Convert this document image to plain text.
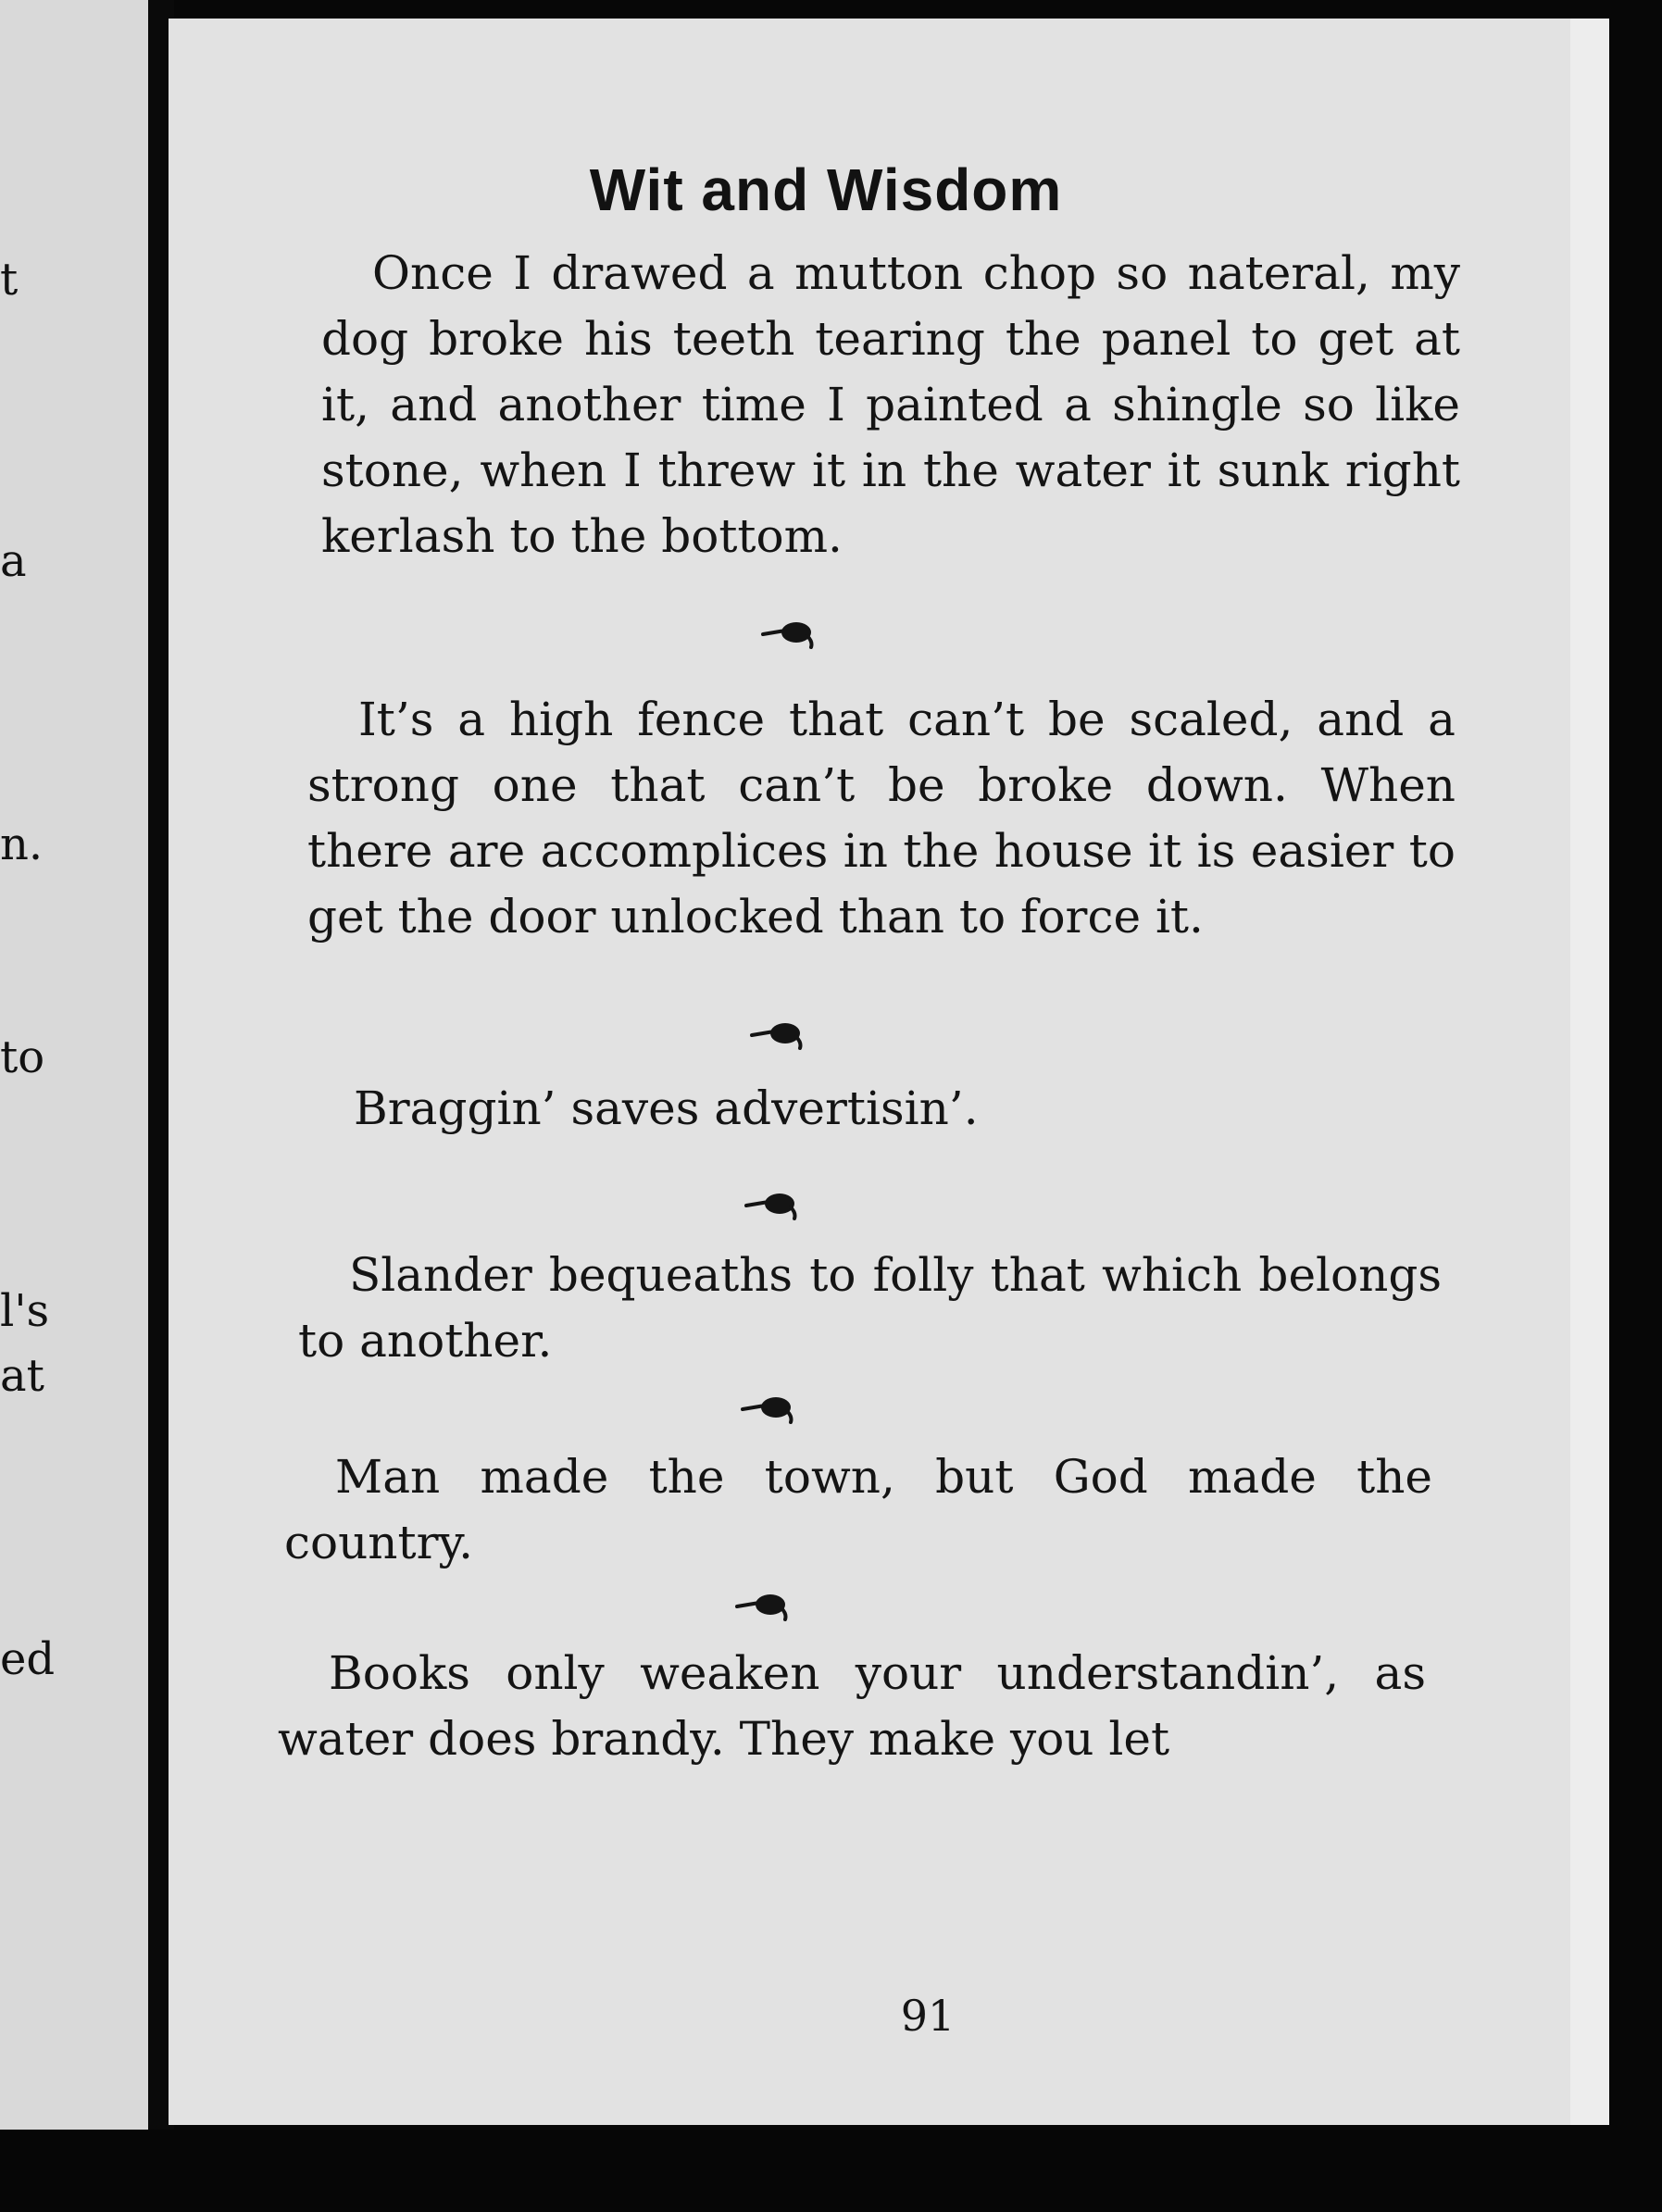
t
a
n.
to
l's
at
ed
Wit and Wisdom
Once I drawed a mutton chop so nateral, my dog broke his teeth tearing the panel to get at it, and another time I painted a shingle so like stone, when I threw it in the water it sunk right kerlash to the bottom.
It’s a high fence that can’t be scaled, and a strong one that can’t be broke down. When there are accomplices in the house it is easier to get the door unlocked than to force it.
Braggin’ saves advertisin’.
Slander bequeaths to folly that which belongs to another.
Man made the town, but God made the country.
Books only weaken your understandin’, as water does brandy. They make you let
91
